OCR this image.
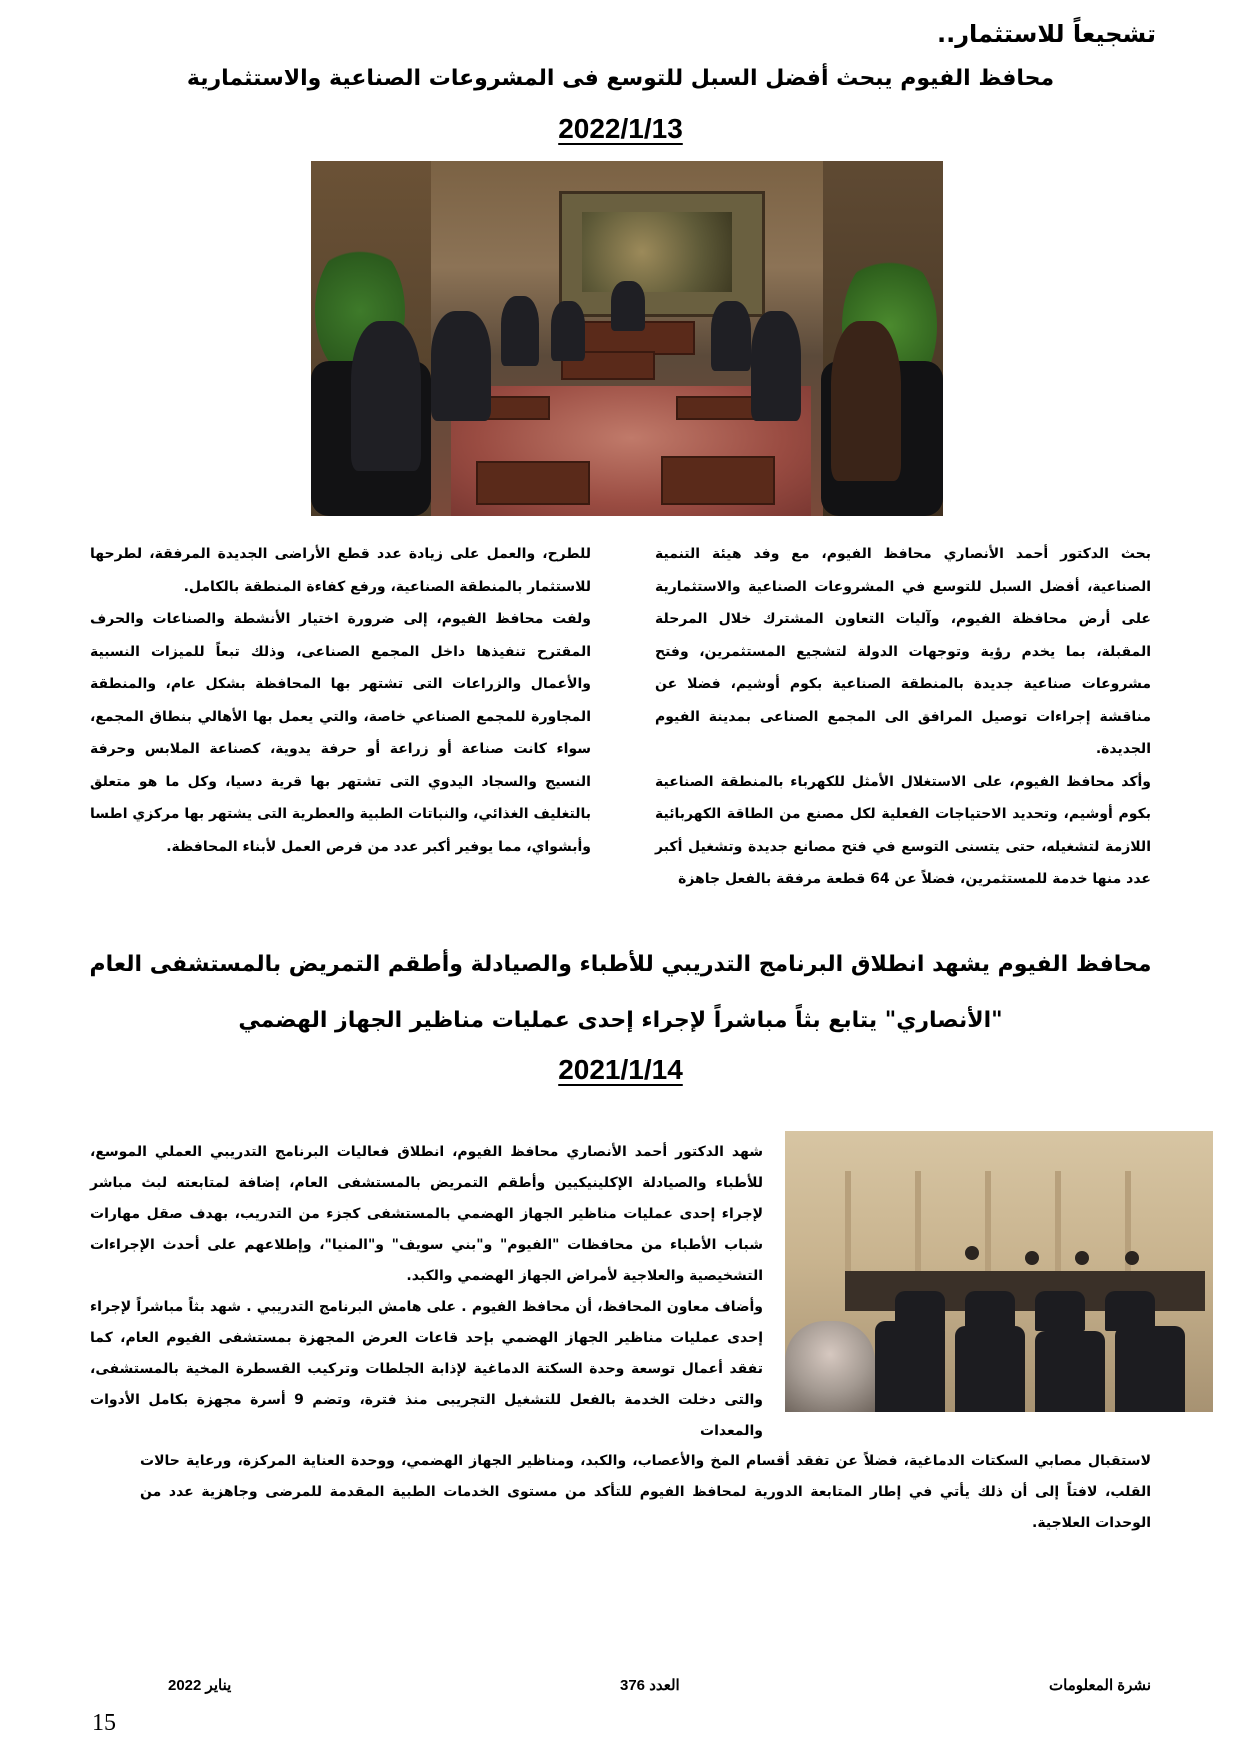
تشجيعاً للاستثمار..
محافظ الفيوم يبحث أفضل السبل للتوسع فى المشروعات الصناعية والاستثمارية
2022/1/13

بحث الدكتور أحمد الأنصاري محافظ الفيوم، مع وفد هيئة التنمية الصناعية، أفضل السبل للتوسع في المشروعات الصناعية والاستثمارية على أرض محافظة الفيوم، وآليات التعاون المشترك خلال المرحلة المقبلة، بما يخدم رؤية وتوجهات الدولة لتشجيع المستثمرين، وفتح مشروعات صناعية جديدة بالمنطقة الصناعية بكوم أوشيم، فضلا عن مناقشة إجراءات توصيل المرافق الى المجمع الصناعى بمدينة الفيوم الجديدة.

وأكد محافظ الفيوم، على الاستغلال الأمثل للكهرباء بالمنطقة الصناعية بكوم أوشيم، وتحديد الاحتياجات الفعلية لكل مصنع من الطاقة الكهربائية اللازمة لتشغيله، حتى يتسنى التوسع في فتح مصانع جديدة وتشغيل أكبر عدد منها خدمة للمستثمرين، فضلاً عن 64 قطعة مرفقة بالفعل جاهزة

للطرح، والعمل على زيادة عدد قطع الأراضى الجديدة المرفقة، لطرحها للاستثمار بالمنطقة الصناعية، ورفع كفاءة المنطقة بالكامل.

ولفت محافظ الفيوم، إلى ضرورة اختيار الأنشطة والصناعات والحرف المقترح تنفيذها داخل المجمع الصناعى، وذلك تبعاً للميزات النسبية والأعمال والزراعات التى تشتهر بها المحافظة بشكل عام، والمنطقة المجاورة للمجمع الصناعي خاصة، والتي يعمل بها الأهالي بنطاق المجمع، سواء كانت صناعة أو زراعة أو حرفة يدوية، كصناعة الملابس وحرفة النسيج والسجاد اليدوي التى تشتهر بها قرية دسيا، وكل ما هو متعلق بالتغليف الغذائي، والنباتات الطبية والعطرية التى يشتهر بها مركزي اطسا وأبشواي، مما يوفير أكبر عدد من فرص العمل لأبناء المحافظة.

محافظ الفيوم يشهد انطلاق البرنامج التدريبي للأطباء والصيادلة وأطقم التمريض بالمستشفى العام
"الأنصاري" يتابع بثاً مباشراً لإجراء إحدى عمليات مناظير الجهاز الهضمي
2021/1/14

شهد الدكتور أحمد الأنصاري محافظ الفيوم، انطلاق فعاليات البرنامج التدريبي العملي الموسع، للأطباء والصيادلة الإكلينيكيين وأطقم التمريض بالمستشفى العام، إضافة لمتابعته لبث مباشر لإجراء إحدى عمليات مناظير الجهاز الهضمي بالمستشفى كجزء من التدريب، بهدف صقل مهارات شباب الأطباء من محافظات "الفيوم" و"بني سويف" و"المنيا"، وإطلاعهم على أحدث الإجراءات التشخيصية والعلاجية لأمراض الجهاز الهضمي والكبد.

وأضاف معاون المحافظ، أن محافظ الفيوم . على هامش البرنامج التدريبي . شهد بثاً مباشراً لإجراء إحدى عمليات مناظير الجهاز الهضمي بإحد قاعات العرض المجهزة بمستشفى الفيوم العام، كما تفقد أعمال توسعة وحدة السكتة الدماغية لإذابة الجلطات وتركيب القسطرة المخية بالمستشفى، والتى دخلت الخدمة بالفعل للتشغيل التجريبى منذ فترة، وتضم 9 أسرة مجهزة بكامل الأدوات والمعدات

لاستقبال مصابي السكتات الدماغية، فضلاً عن تفقد أقسام المخ والأعصاب، والكبد، ومناظير الجهاز الهضمي، ووحدة العناية المركزة، ورعاية حالات القلب، لافتاً إلى أن ذلك يأتي في إطار المتابعة الدورية لمحافظ الفيوم للتأكد من مستوى الخدمات الطبية المقدمة للمرضى وجاهزية عدد من الوحدات العلاجية.

نشرة المعلومات
العدد 376
يناير 2022
15
